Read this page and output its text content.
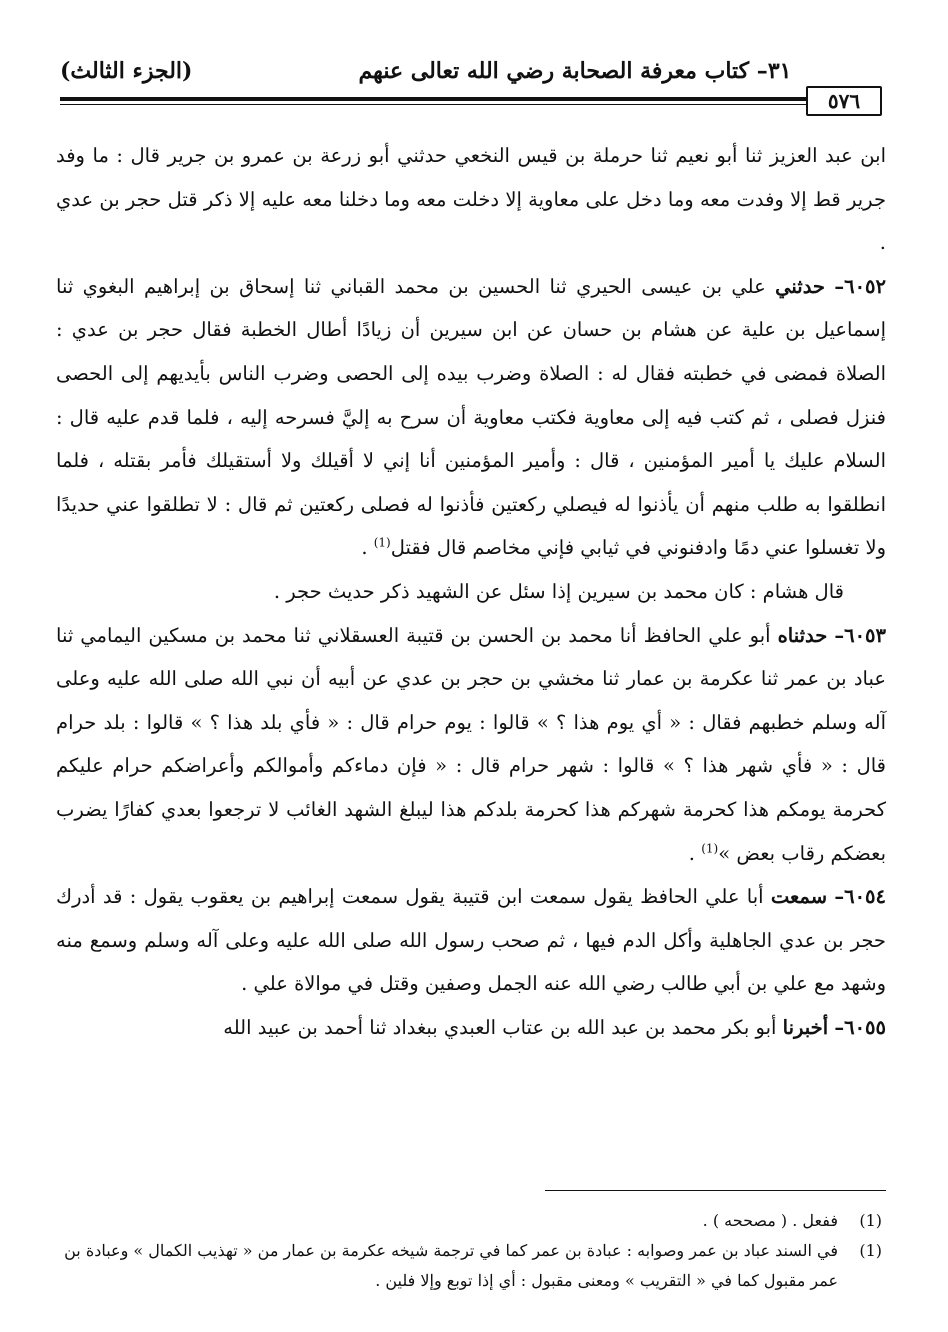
٣١– كتاب معرفة الصحابة رضي الله تعالى عنهم
(الجزء الثالث)
٥٧٦

ابن عبد العزيز ثنا أبو نعيم ثنا حرملة بن قيس النخعي حدثني أبو زرعة بن عمرو بن جرير قال : ما وفد جرير قط إلا وفدت معه وما دخل على معاوية إلا دخلت معه وما دخلنا معه عليه إلا ذكر قتل حجر بن عدي .

٦٠٥٢– حدثني علي بن عيسى الحيري ثنا الحسين بن محمد القباني ثنا إسحاق بن إبراهيم البغوي ثنا إسماعيل بن علية عن هشام بن حسان عن ابن سيرين أن زيادًا أطال الخطبة فقال حجر بن عدي : الصلاة فمضى في خطبته فقال له : الصلاة وضرب بيده إلى الحصى وضرب الناس بأيديهم إلى الحصى فنزل فصلى ، ثم كتب فيه إلى معاوية فكتب معاوية أن سرح به إليَّ فسرحه إليه ، فلما قدم عليه قال : السلام عليك يا أمير المؤمنين ، قال : وأمير المؤمنين أنا إني لا أقيلك ولا أستقيلك فأمر بقتله ، فلما انطلقوا به طلب منهم أن يأذنوا له فيصلي ركعتين فأذنوا له فصلى ركعتين ثم قال : لا تطلقوا عني حديدًا ولا تغسلوا عني دمًا وادفنوني في ثيابي فإني مخاصم قال فقتل$^{(1)}$ .

قال هشام : كان محمد بن سيرين إذا سئل عن الشهيد ذكر حديث حجر .

٦٠٥٣– حدثناه أبو علي الحافظ أنا محمد بن الحسن بن قتيبة العسقلاني ثنا محمد بن مسكين اليمامي ثنا عباد بن عمر ثنا عكرمة بن عمار ثنا مخشي بن حجر بن عدي عن أبيه أن نبي الله صلى الله عليه وعلى آله وسلم خطبهم فقال : « أي يوم هذا ؟ » قالوا : يوم حرام قال : « فأي بلد هذا ؟ » قالوا : بلد حرام قال : « فأي شهر هذا ؟ » قالوا : شهر حرام قال : « فإن دماءكم وأموالكم وأعراضكم حرام عليكم كحرمة يومكم هذا كحرمة شهركم هذا كحرمة بلدكم هذا ليبلغ الشهد الغائب لا ترجعوا بعدي كفارًا يضرب بعضكم رقاب بعض »$^{(1)}$ .

٦٠٥٤– سمعت أبا علي الحافظ يقول سمعت ابن قتيبة يقول سمعت إبراهيم بن يعقوب يقول : قد أدرك حجر بن عدي الجاهلية وأكل الدم فيها ، ثم صحب رسول الله صلى الله عليه وعلى آله وسلم وسمع منه وشهد مع علي بن أبي طالب رضي الله عنه الجمل وصفين وقتل في موالاة علي .

٦٠٥٥– أخبرنا أبو بكر محمد بن عبد الله بن عتاب العبدي ببغداد ثنا أحمد بن عبيد الله

(1)ففعل . ( مصححه ) .

(1)في السند عباد بن عمر وصوابه : عبادة بن عمر كما في ترجمة شيخه عكرمة بن عمار من « تهذيب الكمال » وعبادة بن عمر مقبول كما في « التقريب » ومعنى مقبول : أي إذا توبع وإلا فلين .
